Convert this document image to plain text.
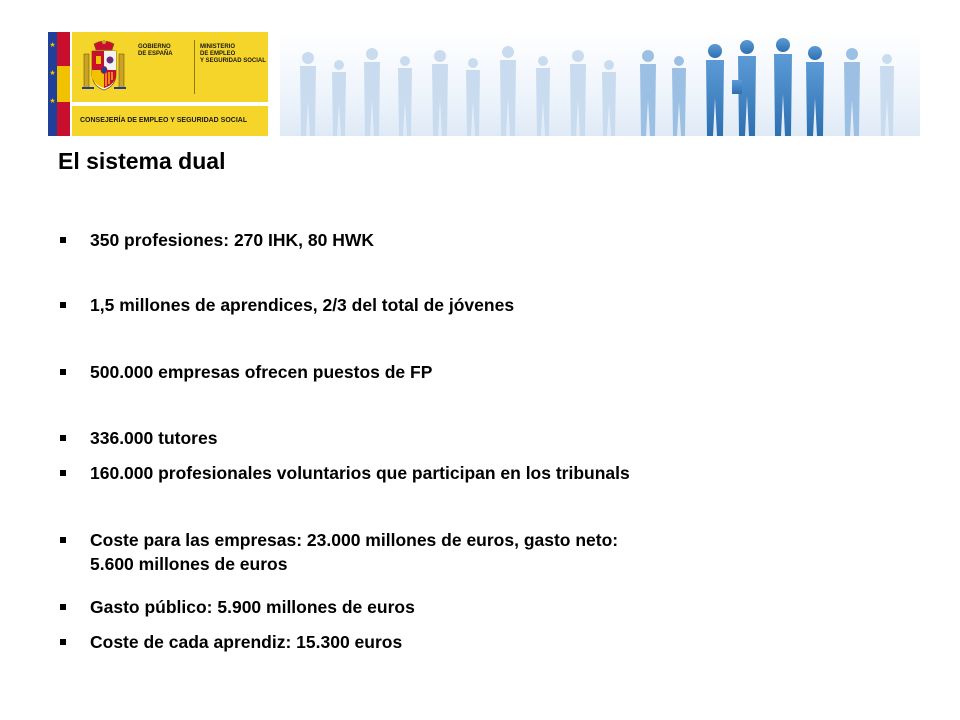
★
★
★
GOBIERNO
DE ESPAÑA
MINISTERIO
DE EMPLEO
Y SEGURIDAD SOCIAL
CONSEJERÍA DE EMPLEO Y SEGURIDAD SOCIAL
El sistema dual
350 profesiones: 270 IHK, 80 HWK
1,5 millones de aprendices, 2/3 del total de jóvenes
500.000 empresas ofrecen puestos de FP
336.000 tutores
160.000 profesionales voluntarios que participan en los tribunals
Coste para las empresas: 23.000 millones de euros, gasto neto:
5.600 millones de euros
Gasto público: 5.900 millones de euros
Coste de cada aprendiz: 15.300 euros
